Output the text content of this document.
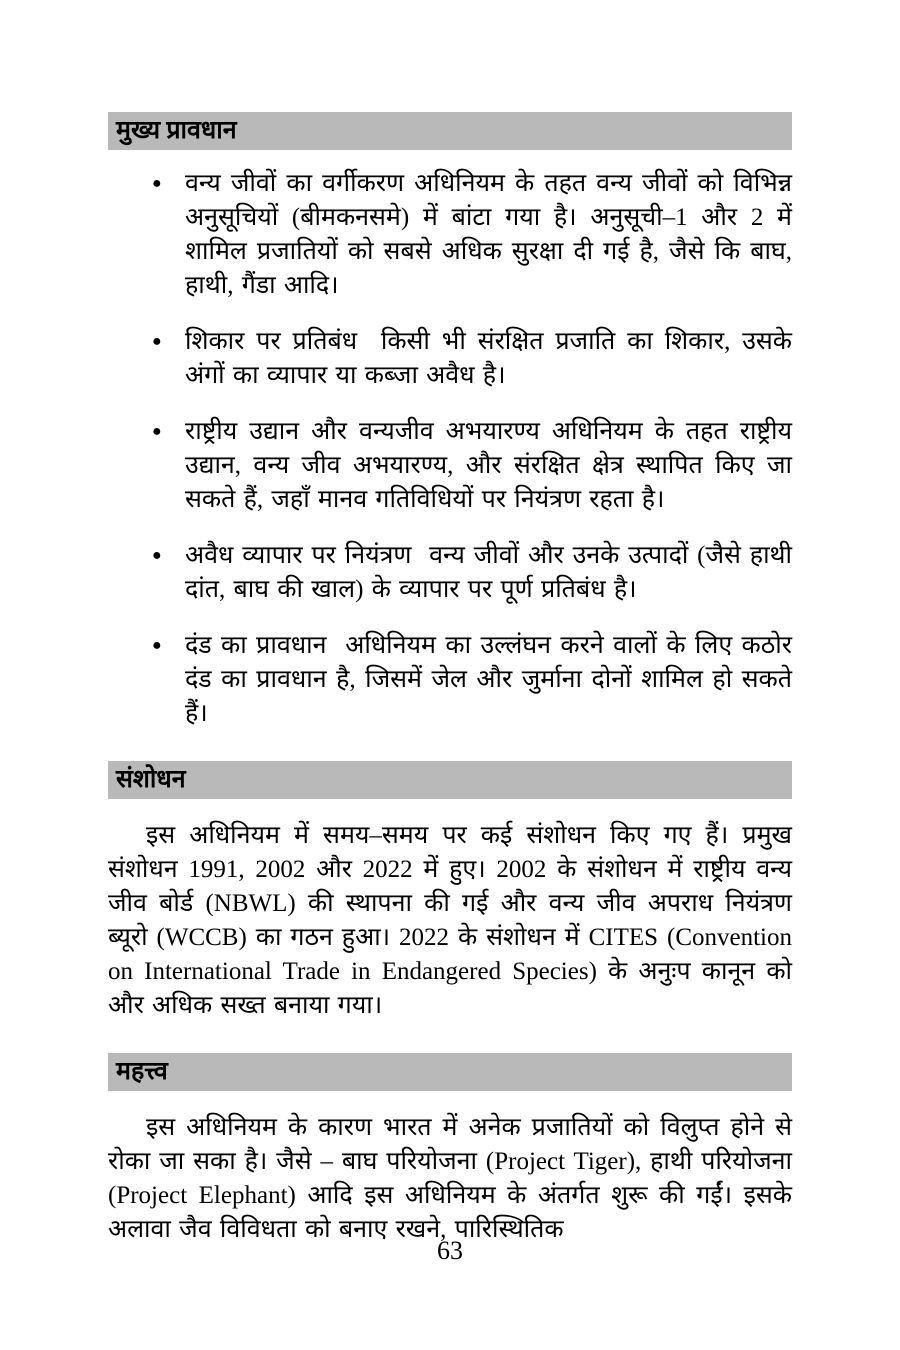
मुख्य प्रावधान
● वन्य जीवों का वर्गीकरण अधिनियम के तहत वन्य जीवों को विभिन्न अनुसूचियों (बीमकनसमे) में बांटा गया है। अनुसूची–1 और 2 में शामिल प्रजातियों को सबसे अधिक सुरक्षा दी गई है, जैसे कि बाघ, हाथी, गैंडा आदि।
● शिकार पर प्रतिबंध  किसी भी संरक्षित प्रजाति का शिकार, उसके अंगों का व्यापार या कब्जा अवैध है।
● राष्ट्रीय उद्यान और वन्यजीव अभयारण्य अधिनियम के तहत राष्ट्रीय उद्यान, वन्य जीव अभयारण्य, और संरक्षित क्षेत्र स्थापित किए जा सकते हैं, जहाँ मानव गतिविधियों पर नियंत्रण रहता है।
● अवैध व्यापार पर नियंत्रण  वन्य जीवों और उनके उत्पादों (जैसे हाथी दांत, बाघ की खाल) के व्यापार पर पूर्ण प्रतिबंध है।
● दंड का प्रावधान  अधिनियम का उल्लंघन करने वालों के लिए कठोर दंड का प्रावधान है, जिसमें जेल और जुर्माना दोनों शामिल हो सकते हैं।
संशोधन

इस अधिनियम में समय–समय पर कई संशोधन किए गए हैं। प्रमुख संशोधन 1991, 2002 और 2022 में हुए। 2002 के संशोधन में राष्ट्रीय वन्य जीव बोर्ड (NBWL) की स्थापना की गई और वन्य जीव अपराध नियंत्रण ब्यूरो (WCCB) का गठन हुआ। 2022 के संशोधन में CITES (Convention on International Trade in Endangered Species) के अनुःप कानून को और अधिक सख्त बनाया गया।

महत्त्व

इस अधिनियम के कारण भारत में अनेक प्रजातियों को विलुप्त होने से रोका जा सका है। जैसे – बाघ परियोजना (Project Tiger), हाथी परियोजना (Project Elephant) आदि इस अधिनियम के अंतर्गत शुरू की गईं। इसके अलावा जैव विविधता को बनाए रखने, पारिस्थितिक

63
